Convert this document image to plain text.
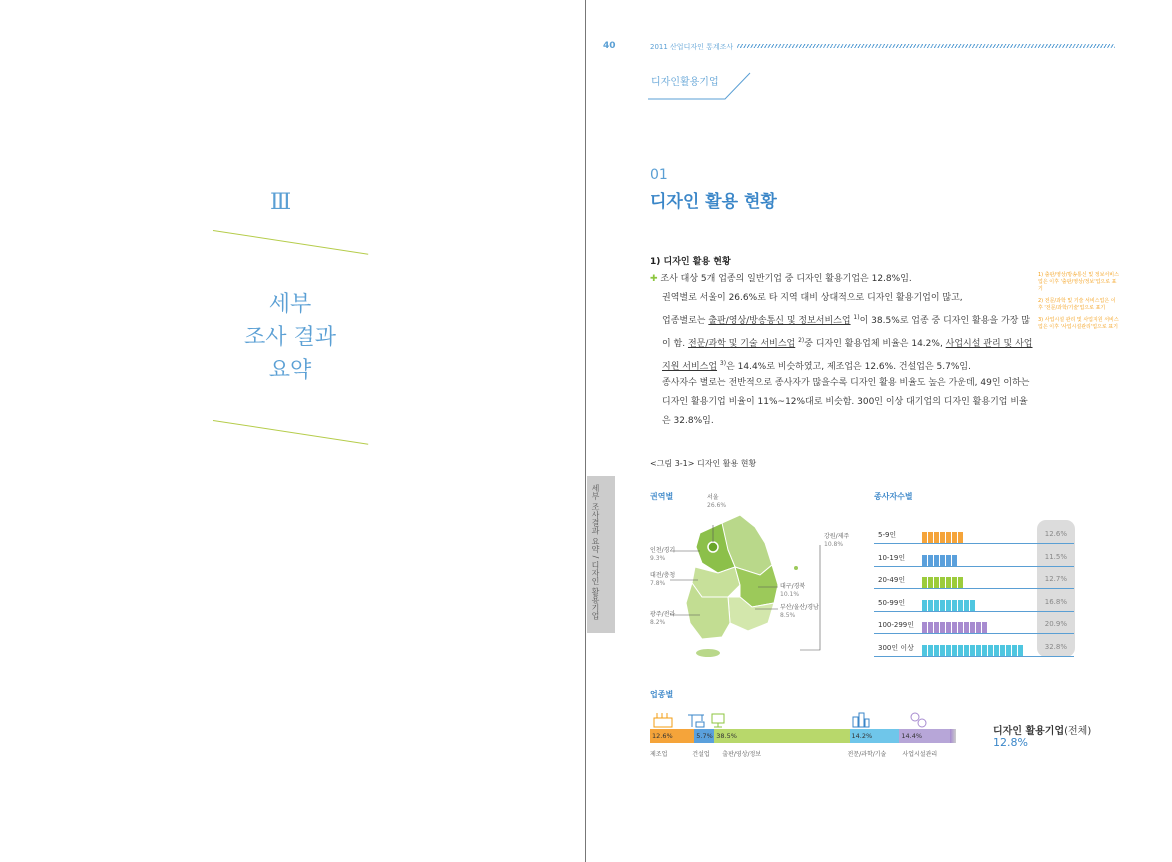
Ⅲ
세부
조사 결과
요약
세부 조사결과 요약 / 디자인 활용기업
40	2011 산업디자인 통계조사
디자인활용기업
01
디자인 활용 현황
1) 디자인 활용 현황
✚ 조사 대상 5개 업종의 일반기업 중 디자인 활용기업은 12.8%임.
권역별로 서울이 26.6%로 타 지역 대비 상대적으로 디자인 활용기업이 많고,
업종별로는 출판/영상/방송통신 및 정보서비스업 $^{1)}$이 38.5%로 업종 중 디자인 활용을 가장 많
이 함. 전문/과학 및 기술 서비스업 $^{2)}$중 디자인 활용업체 비율은 14.2%, 사업시설 관리 및 사업
지원 서비스업 $^{3)}$은 14.4%로 비슷하였고, 제조업은 12.6%. 건설업은 5.7%임.
종사자수 별로는 전반적으로 종사자가 많을수록 디자인 활용 비율도 높은 가운데, 49인 이하는
디자인 활용기업 비율이 11%~12%대로 비슷함. 300인 이상 대기업의 디자인 활용기업 비율
은 32.8%임.
1) 출판/영상/방송통신 및 정보서비스업은 이후 '출판/영상/정보'업으로 표기
2) 전문/과학 및 기술 서비스업은 이후 '전문/과학/기술'업으로 표기
3) 사업시설 관리 및 사업지원 서비스업은 이후 '사업시설관리'업으로 표기
<그림 3-1> 디자인 활용 현황
권역별	서울
26.6%
인천/경기
9.3%
대전/충청
7.8%
광주/전라
8.2%
강원/제주
10.8%
대구/경북
10.1%
부산/울산/경남
8.5%
종사자수별
5-9인	12.6%
10-19인	11.5%
20-49인	12.7%
50-99인	16.8%
100-299인	20.9%
300인 이상	32.8%
업종별
디자인 활용기업(전체)
12.8%
12.6%	5.7% 38.5%	14.2%	14.4%
제조업	건설업 출판/영상/정보	전문/과학/기술	사업시설관리
